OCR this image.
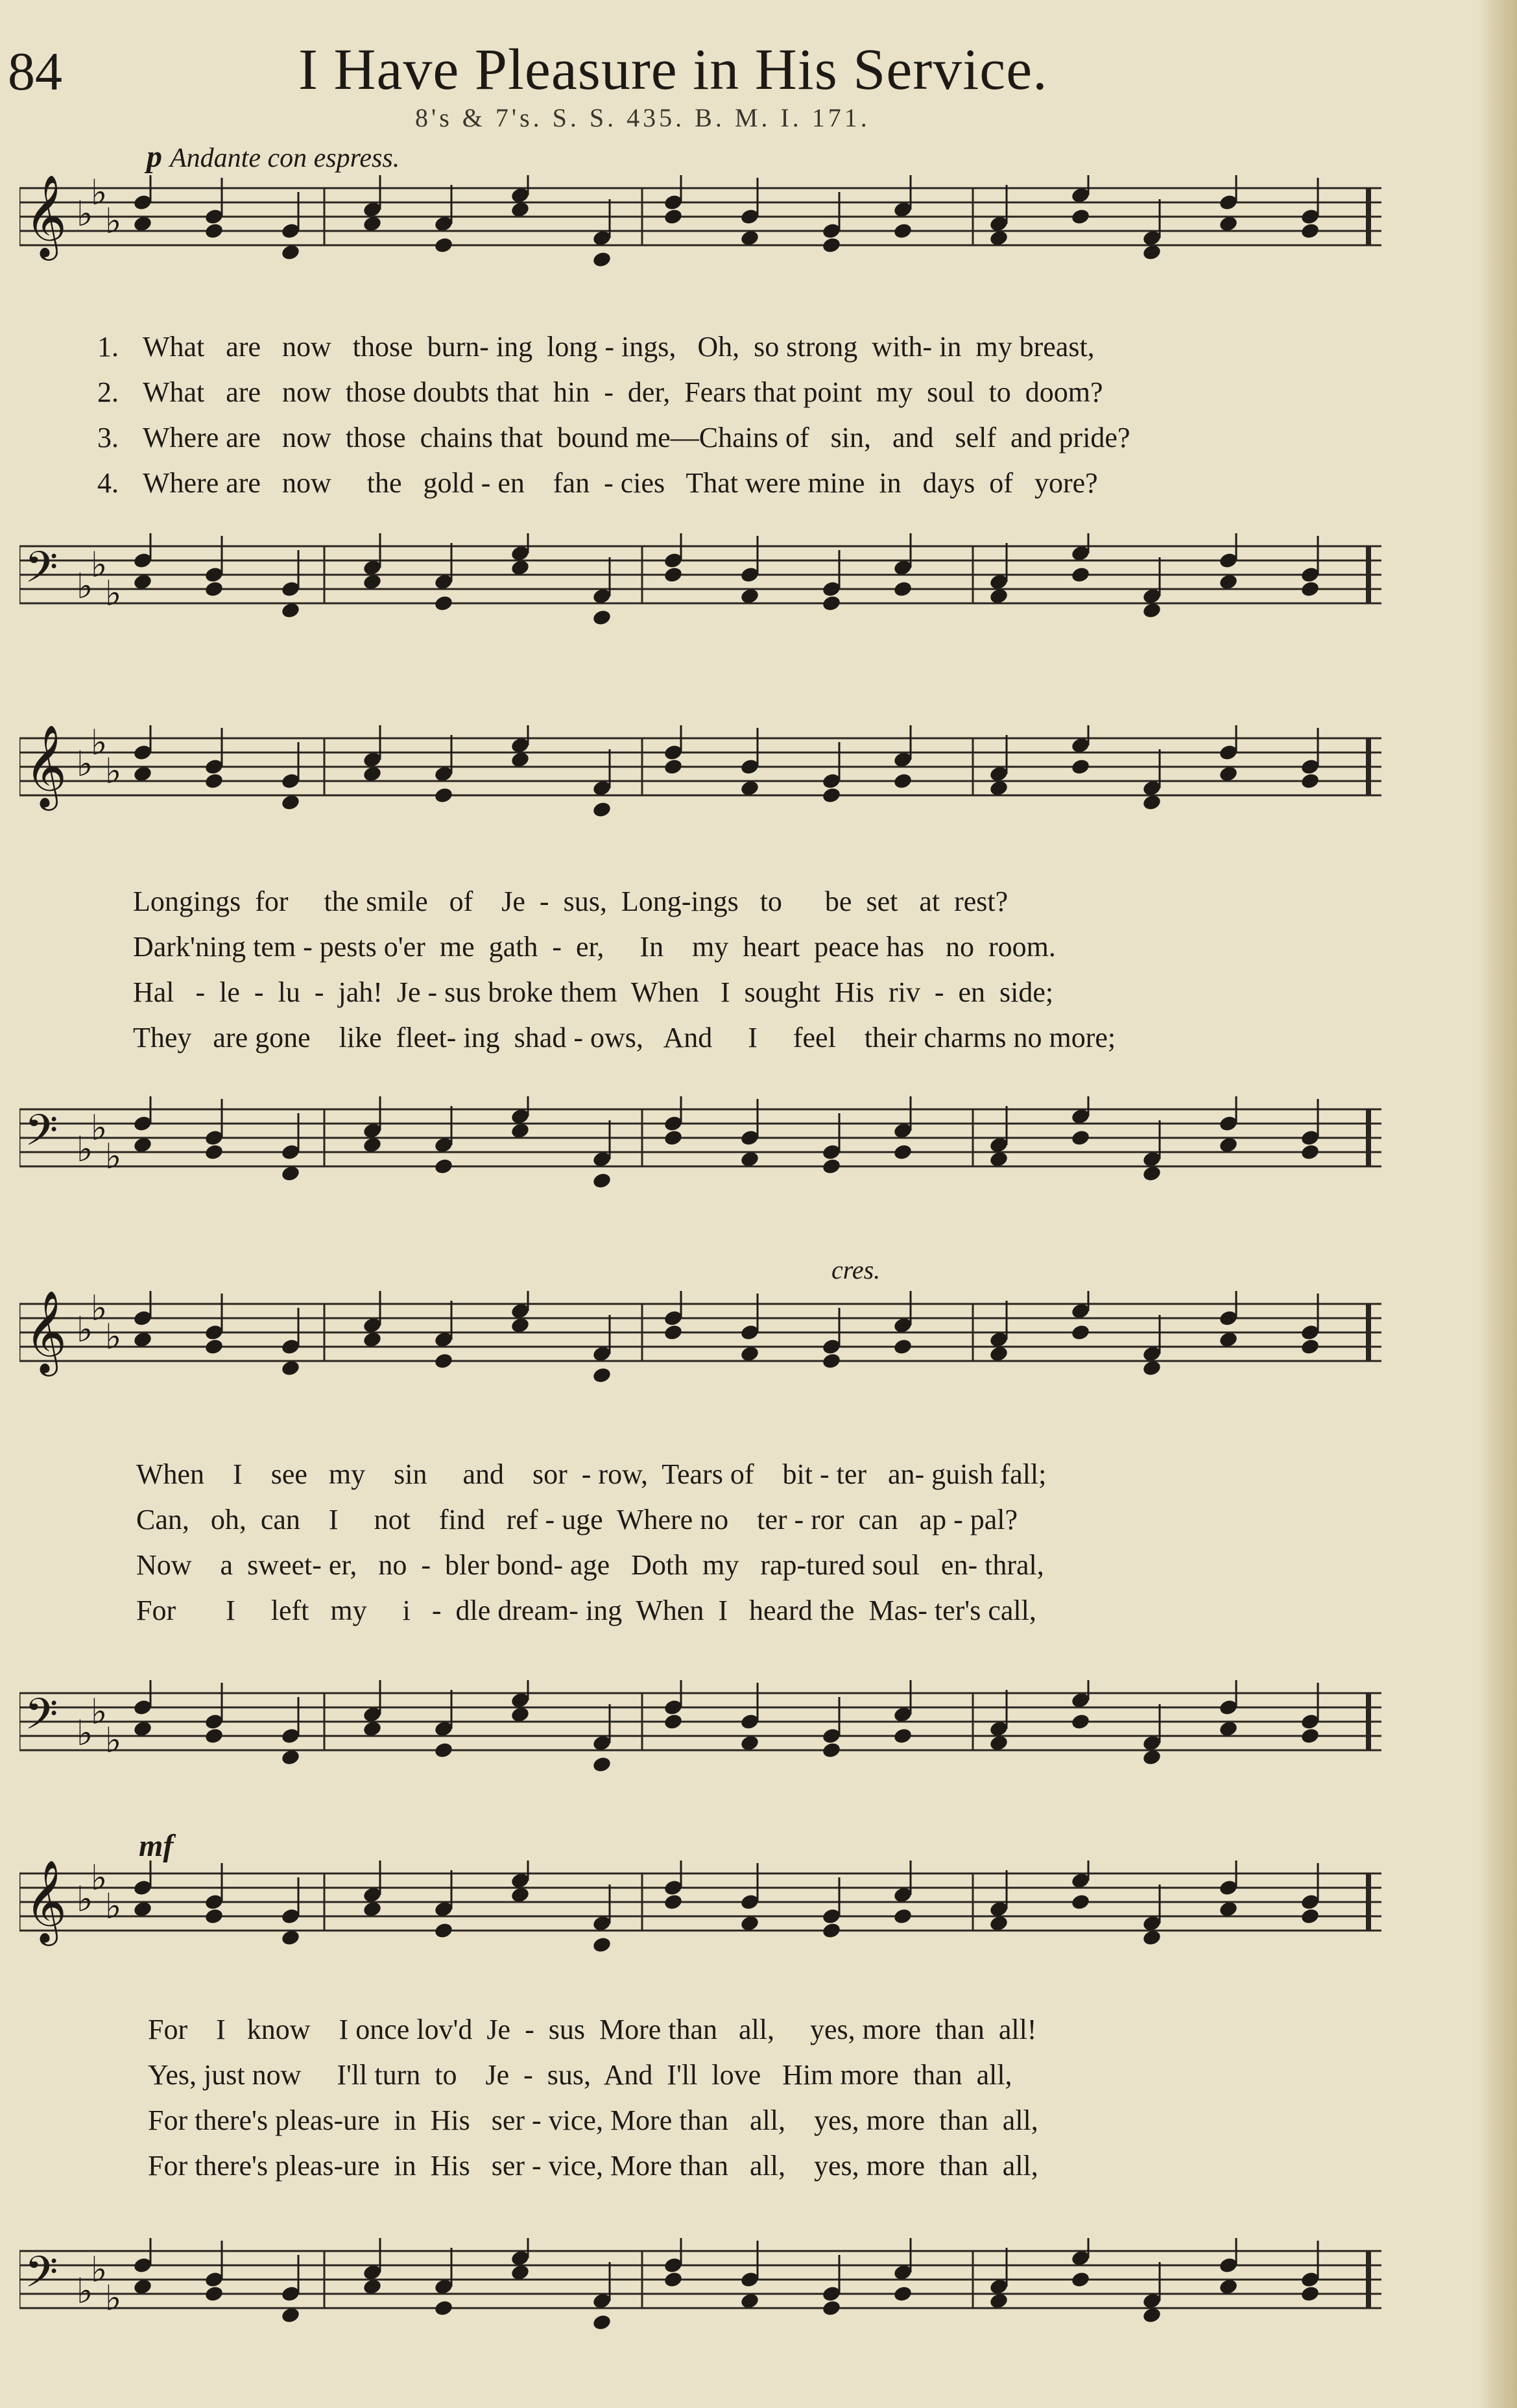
84	I Have Pleasure in His Service.
8's & 7's. S. S. 435. B. M. I. 171.
p Andante con espress.
cres.
mf
𝄞 ♭
♭
♭
1. What   are   now   those  burn- ing  long - ings,   Oh,  so strong  with- in  my breast,
2. What   are   now  those doubts that  hin  -  der,  Fears that point  my  soul  to  doom?
3. Where are   now  those  chains that  bound me—Chains of   sin,   and   self  and pride?
4. Where are   now     the   gold - en    fan  - cies   That were mine  in   days  of   yore?
𝄢 ♭
♭
♭
𝄞 ♭
♭
♭
Longings  for     the smile   of    Je  -  sus,  Long-ings   to      be  set   at  rest?
Dark'ning tem - pests o'er  me  gath  -  er,     In    my  heart  peace has   no  room.
Hal   -  le  -  lu  -  jah!  Je - sus broke them  When   I  sought  His  riv  -  en  side;
They   are gone    like  fleet- ing  shad - ows,   And     I     feel    their charms no more;
𝄢 ♭
♭
♭
𝄞 ♭
♭
♭
When    I    see   my    sin     and    sor  - row,  Tears of    bit - ter   an- guish fall;
Can,   oh,  can    I     not    find   ref - uge  Where no    ter - ror  can   ap - pal?
Now    a  sweet- er,   no  -  bler bond- age   Doth  my   rap-tured soul   en- thral,
For       I     left   my     i   -  dle dream- ing  When  I   heard the  Mas- ter's call,
𝄢 ♭
♭
♭
𝄞 ♭
♭
♭
For    I   know    I once lov'd  Je  -  sus  More than   all,     yes, more  than  all!
Yes, just now     I'll turn  to    Je  -  sus,  And  I'll  love   Him more  than  all,
For there's pleas-ure  in  His   ser - vice, More than   all,    yes, more  than  all,
For there's pleas-ure  in  His   ser - vice, More than   all,    yes, more  than  all,
𝄢 ♭
♭
♭
